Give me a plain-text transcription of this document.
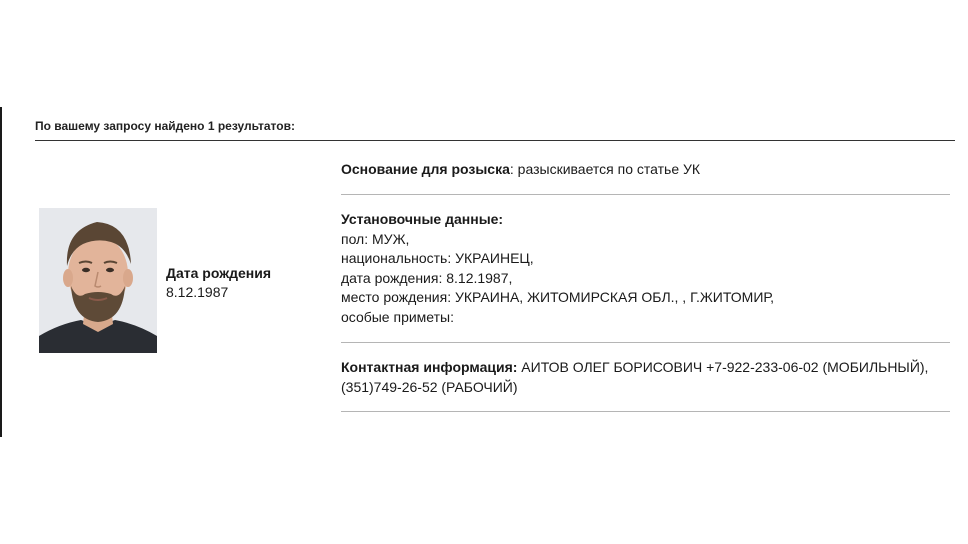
По вашему запросу найдено 1 результатов:
Дата рождения
8.12.1987
Основание для розыска: разыскивается по статье УК
Установочные данные:
пол: МУЖ,
национальность: УКРАИНЕЦ,
дата рождения: 8.12.1987,
место рождения: УКРАИНА, ЖИТОМИРСКАЯ ОБЛ., , Г.ЖИТОМИР,
особые приметы:
Контактная информация: АИТОВ ОЛЕГ БОРИСОВИЧ +7-922-233-06-02 (МОБИЛЬНЫЙ), (351)749-26-52 (РАБОЧИЙ)
